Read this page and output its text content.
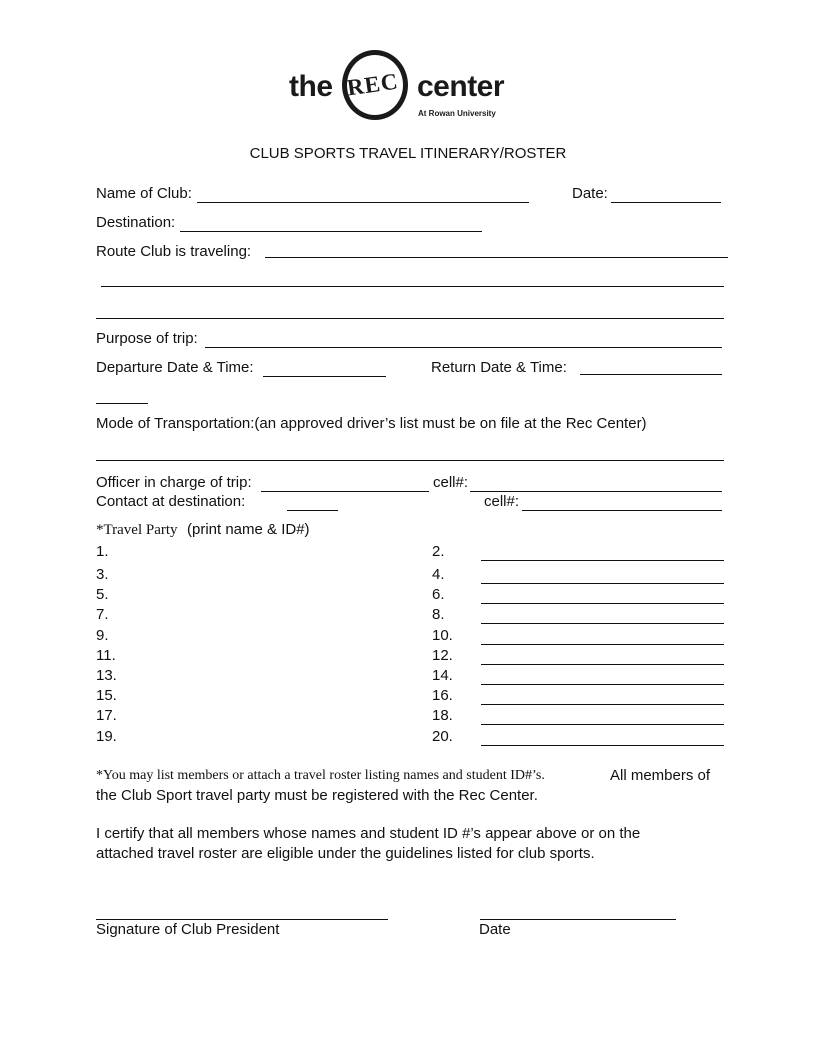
the REC center
At Rowan University
CLUB SPORTS TRAVEL ITINERARY/ROSTER
Name of Club:	Date:
Destination:
Route Club is traveling:
Purpose of trip:
Departure Date & Time:	Return Date & Time:
Mode of Transportation:(an approved driver’s list must be on file at the Rec Center)
Officer in charge of trip:	cell#:
Contact at destination:	cell#:
*Travel Party (print name & ID#)
1.	2.
3.	4.
5.	6.
7.	8.
9.	10.
11.	12.
13.	14.
15.	16.
17.	18.
19.	20.
*You may list members or attach a travel roster listing names and student ID#’s.	All members of
the Club Sport travel party must be registered with the Rec Center.
I certify that all members whose names and student ID #’s appear above or on the
attached travel roster are eligible under the guidelines listed for club sports.
Signature of Club President	Date
